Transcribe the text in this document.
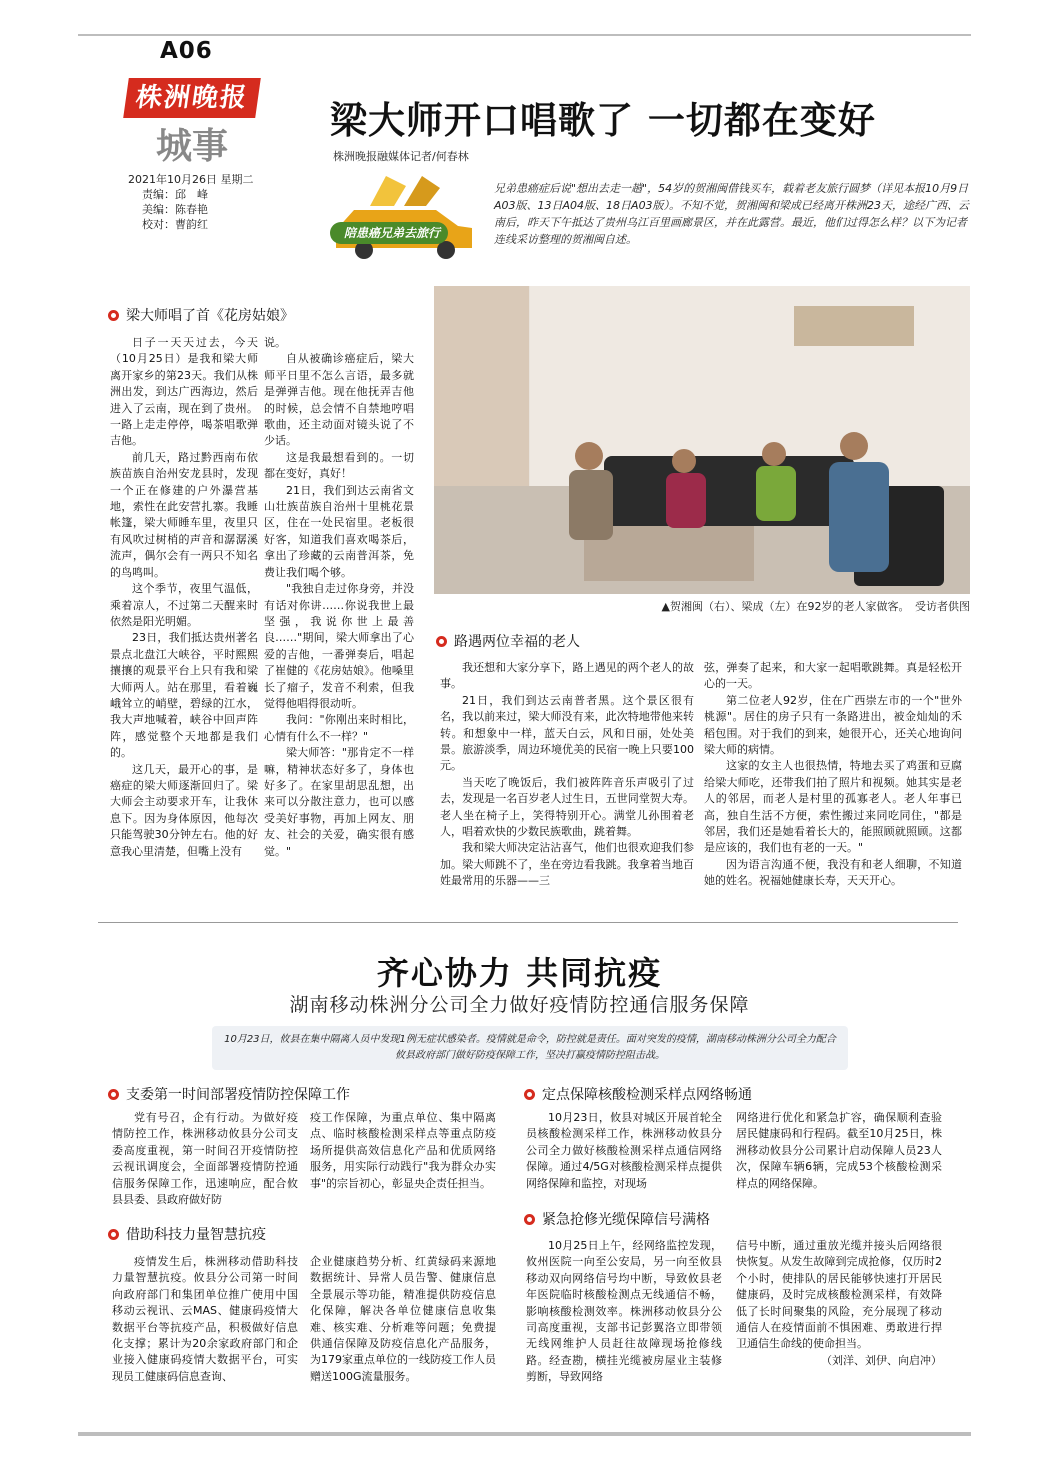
A06
株洲晚报
城事
2021年10月26日 星期二
责编：邱　峰
美编：陈春艳
校对：曹韵红
梁大师开口唱歌了 一切都在变好
株洲晚报融媒体记者/何春林
陪患癌兄弟去旅行
兄弟患癌症后说"想出去走一趟"，54岁的贺湘闽借钱买车，载着老友旅行圆梦（详见本报10月9日A03版、13日A04版、18日A03版）。不知不觉，贺湘闽和梁成已经离开株洲23天，途经广西、云南后，昨天下午抵达了贵州乌江百里画廊景区，并在此露营。最近，他们过得怎么样？以下为记者连线采访整理的贺湘闽自述。
▲贺湘闽（右）、梁成（左）在92岁的老人家做客。　受访者供图
梁大师唱了首《花房姑娘》

日子一天天过去，今天（10月25日）是我和梁大师离开家乡的第23天。我们从株洲出发，到达广西海边，然后进入了云南，现在到了贵州。一路上走走停停，喝茶唱歌弹吉他。

前几天，路过黔西南布依族苗族自治州安龙县时，发现一个正在修建的户外瀑营基地，索性在此安营扎寨。我睡帐篷，梁大师睡车里，夜里只有风吹过树梢的声音和潺潺溪流声，偶尔会有一两只不知名的鸟鸣叫。

这个季节，夜里气温低，乘着凉人，不过第二天醒来时依然是阳光明媚。

23日，我们抵达贵州著名景点北盘江大峡谷，平时熙熙攘攘的观景平台上只有我和梁大师两人。站在那里，看着巍峨耸立的峭壁，碧绿的江水，我大声地喊着，峡谷中回声阵阵，感觉整个天地都是我们的。

这几天，最开心的事，是癌症的梁大师逐渐回归了。梁大师会主动要求开车，让我休息下。因为身体原因，他每次只能驾驶30分钟左右。他的好意我心里清楚，但嘴上没有

说。

自从被确诊癌症后，梁大师平日里不怎么言语，最多就是弹弹吉他。现在他抚弄吉他的时候，总会情不自禁地哼唱歌曲，还主动面对镜头说了不少话。

这是我最想看到的。一切都在变好，真好！

21日，我们到达云南省文山壮族苗族自治州十里桃花景区，住在一处民宿里。老板很好客，知道我们喜欢喝茶后，拿出了珍藏的云南普洱茶，免费让我们喝个够。

"我独自走过你身旁，并没有话对你讲……你说我世上最坚强，我说你世上最善良……"期间，梁大师拿出了心爱的吉他，一番弹奏后，唱起了崔健的《花房姑娘》。他嗓里长了瘤子，发音不利索，但我觉得他唱得很动听。

我问："你刚出来时相比，心情有什么不一样？"

梁大师答："那肯定不一样嘛，精神状态好多了，身体也好多了。在家里胡思乱想，出来可以分散注意力，也可以感受美好事物，再加上网友、朋友、社会的关爱，确实很有感觉。"

路遇两位幸福的老人

我还想和大家分享下，路上遇见的两个老人的故事。

21日，我们到达云南普者黑。这个景区很有名，我以前来过，梁大师没有来，此次特地带他来转转。和想象中一样，蓝天白云，风和日丽，处处美景。旅游淡季，周边环境优美的民宿一晚上只要100元。

当天吃了晚饭后，我们被阵阵音乐声吸引了过去，发现是一名百岁老人过生日，五世同堂贺大寿。老人坐在椅子上，笑得特别开心。满堂儿孙围着老人，唱着欢快的少数民族歌曲，跳着舞。

我和梁大师决定沾沾喜气，他们也很欢迎我们参加。梁大师跳不了，坐在旁边看我跳。我拿着当地百姓最常用的乐器——三

弦，弹奏了起来，和大家一起唱歌跳舞。真是轻松开心的一天。

第二位老人92岁，住在广西崇左市的一个"世外桃源"。居住的房子只有一条路进出，被金灿灿的禾稻包围。对于我们的到来，她很开心，还关心地询问梁大师的病情。

这家的女主人也很热情，特地去买了鸡蛋和豆腐给梁大师吃，还带我们拍了照片和视频。她其实是老人的邻居，而老人是村里的孤寡老人。老人年事已高，独自生活不方便，索性搬过来同吃同住，"都是邻居，我们还是她看着长大的，能照顾就照顾。这都是应该的，我们也有老的一天。"

因为语言沟通不便，我没有和老人细聊，不知道她的姓名。祝福她健康长寿，天天开心。

齐心协力 共同抗疫
湖南移动株洲分公司全力做好疫情防控通信服务保障
10月23日，攸县在集中隔离人员中发现1例无症状感染者。疫情就是命令，防控就是责任。面对突发的疫情，湖南移动株洲分公司全力配合攸县政府部门做好防疫保障工作，坚决打赢疫情防控阻击战。
支委第一时间部署疫情防控保障工作

党有号召，企有行动。为做好疫情防控工作，株洲移动攸县分公司支委高度重视，第一时间召开疫情防控云视讯调度会，全面部署疫情防控通信服务保障工作，迅速响应，配合攸县县委、县政府做好防

疫工作保障，为重点单位、集中隔离点、临时核酸检测采样点等重点防疫场所提供高效信息化产品和优质网络服务，用实际行动践行"我为群众办实事"的宗旨初心，彰显央企责任担当。

借助科技力量智慧抗疫

疫情发生后，株洲移动借助科技力量智慧抗疫。攸县分公司第一时间向政府部门和集团单位推广使用中国移动云视讯、云MAS、健康码疫情大数据平台等抗疫产品，积极做好信息化支撑；累计为20余家政府部门和企业接入健康码疫情大数据平台，可实现员工健康码信息查询、

企业健康趋势分析、红黄绿码来源地数据统计、异常人员告警、健康信息全景展示等功能，精准提供防疫信息化保障，解决各单位健康信息收集难、核实难、分析难等问题；免费提供通信保障及防疫信息化产品服务，为179家重点单位的一线防疫工作人员赠送100G流量服务。

定点保障核酸检测采样点网络畅通

10月23日，攸县对城区开展首轮全员核酸检测采样工作，株洲移动攸县分公司全力做好核酸检测采样点通信网络保障。通过4/5G对核酸检测采样点提供网络保障和监控，对现场

网络进行优化和紧急扩容，确保顺利查验居民健康码和行程码。截至10月25日，株洲移动攸县分公司累计启动保障人员23人次，保障车辆6辆，完成53个核酸检测采样点的网络保障。

紧急抢修光缆保障信号满格

10月25日上午，经网络监控发现，攸州医院一向至公安局，另一向至攸县移动双向网络信号均中断，导致攸县老年医院临时核酸检测点无线通信不畅，影响核酸检测效率。株洲移动攸县分公司高度重视，支部书记彭翼洛立即带领无线网维护人员赶往故障现场抢修线路。经查勘，横挂光缆被房屋业主装修剪断，导致网络

信号中断，通过重放光缆并接头后网络很快恢复。从发生故障到完成抢修，仅历时2个小时，使排队的居民能够快速打开居民健康码，及时完成核酸检测采样，有效降低了长时间聚集的风险，充分展现了移动通信人在疫情面前不惧困难、勇敢进行捍卫通信生命线的使命担当。

（刘洋、刘伊、向启冲）
